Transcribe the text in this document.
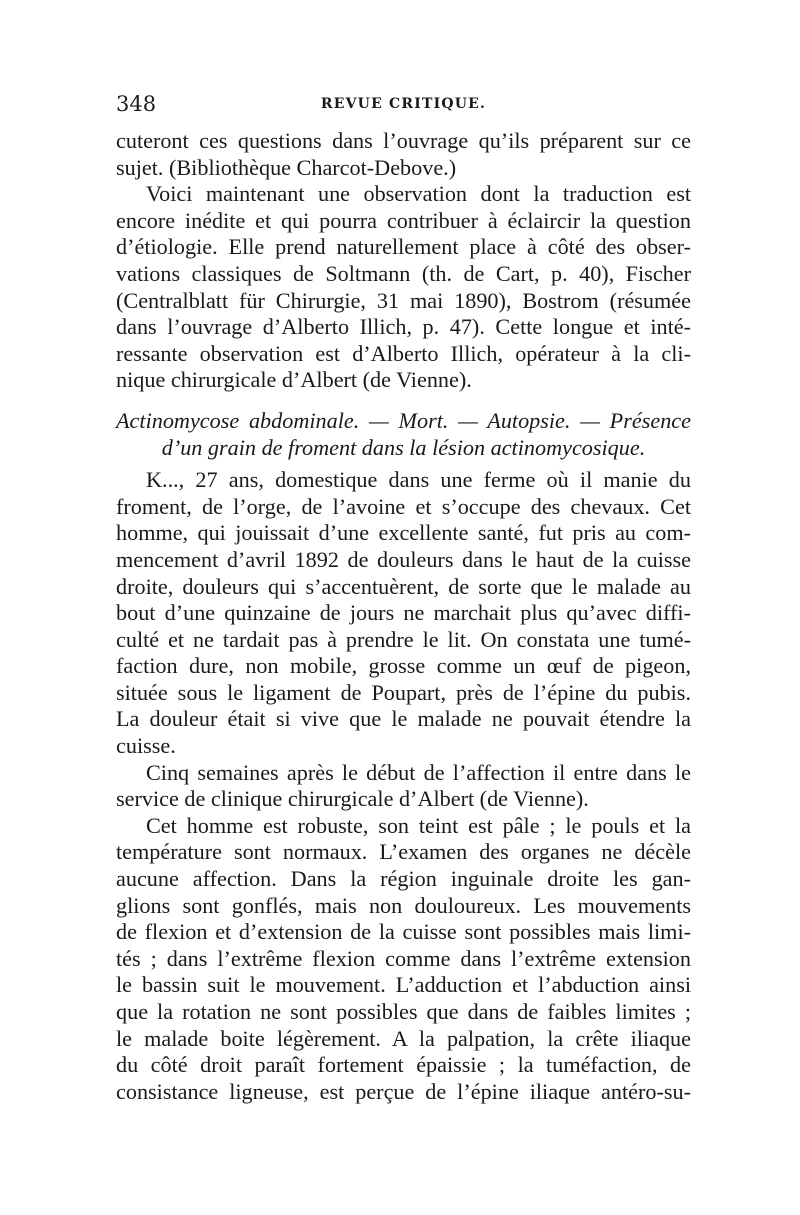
348	REVUE CRITIQUE.
cuteront ces questions dans l’ouvrage qu’ils préparent sur ce
sujet. (Bibliothèque Charcot-Debove.)
Voici maintenant une observation dont la traduction est
encore inédite et qui pourra contribuer à éclaircir la question
d’étiologie. Elle prend naturellement place à côté des obser-
vations classiques de Soltmann (th. de Cart, p. 40), Fischer
(Centralblatt für Chirurgie, 31 mai 1890), Bostrom (résumée
dans l’ouvrage d’Alberto Illich, p. 47). Cette longue et inté-
ressante observation est d’Alberto Illich, opérateur à la cli-
nique chirurgicale d’Albert (de Vienne).
Actinomycose abdominale. — Mort. — Autopsie. — Présence
d’un grain de froment dans la lésion actinomycosique.
K..., 27 ans, domestique dans une ferme où il manie du
froment, de l’orge, de l’avoine et s’occupe des chevaux. Cet
homme, qui jouissait d’une excellente santé, fut pris au com-
mencement d’avril 1892 de douleurs dans le haut de la cuisse
droite, douleurs qui s’accentuèrent, de sorte que le malade au
bout d’une quinzaine de jours ne marchait plus qu’avec diffi-
culté et ne tardait pas à prendre le lit. On constata une tumé-
faction dure, non mobile, grosse comme un œuf de pigeon,
située sous le ligament de Poupart, près de l’épine du pubis.
La douleur était si vive que le malade ne pouvait étendre la
cuisse.
Cinq semaines après le début de l’affection il entre dans le
service de clinique chirurgicale d’Albert (de Vienne).
Cet homme est robuste, son teint est pâle ; le pouls et la
température sont normaux. L’examen des organes ne décèle
aucune affection. Dans la région inguinale droite les gan-
glions sont gonflés, mais non douloureux. Les mouvements
de flexion et d’extension de la cuisse sont possibles mais limi-
tés ; dans l’extrême flexion comme dans l’extrême extension
le bassin suit le mouvement. L’adduction et l’abduction ainsi
que la rotation ne sont possibles que dans de faibles limites ;
le malade boite légèrement. A la palpation, la crête iliaque
du côté droit paraît fortement épaissie ; la tuméfaction, de
consistance ligneuse, est perçue de l’épine iliaque antéro-su-
